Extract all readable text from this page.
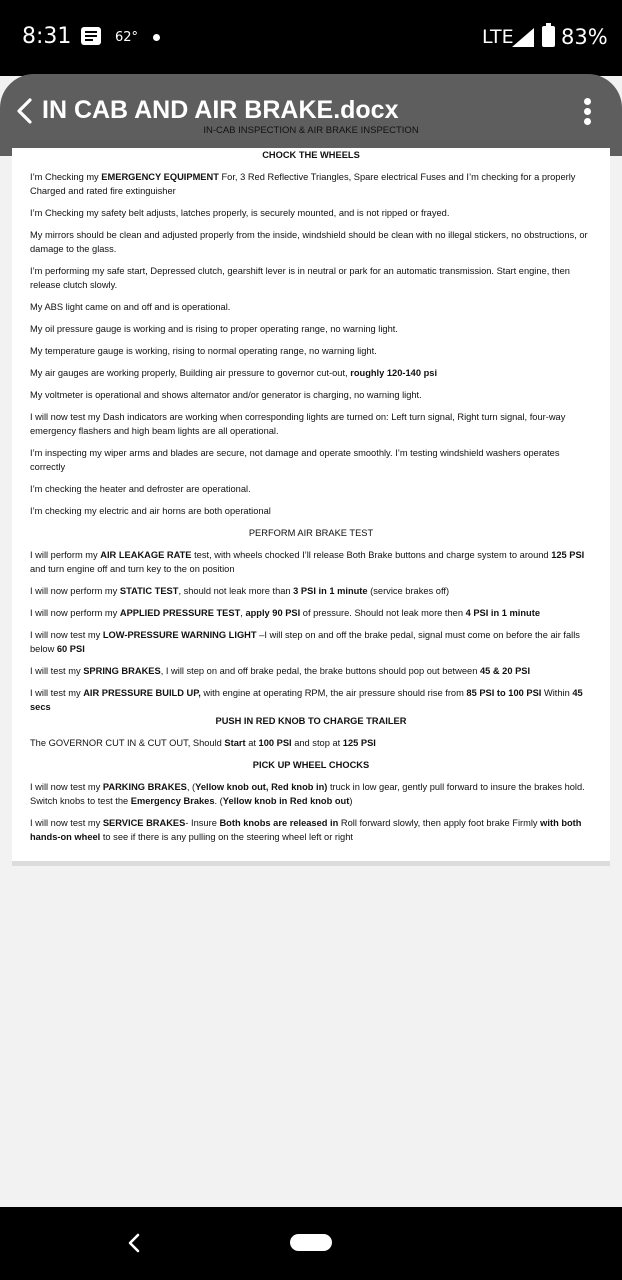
8:31	62°	LTE 83%
IN CAB AND AIR BRAKE.docx
IN-CAB INSPECTION & AIR BRAKE INSPECTION

CHOCK THE WHEELS

I’m Checking my EMERGENCY EQUIPMENT For, 3 Red Reflective Triangles, Spare electrical Fuses and I’m checking for a properly Charged and rated fire extinguisher

I’m Checking my safety belt adjusts, latches properly, is securely mounted, and is not ripped or frayed.

My mirrors should be clean and adjusted properly from the inside, windshield should be clean with no illegal stickers, no obstructions, or damage to the glass.

I’m performing my safe start, Depressed clutch, gearshift lever is in neutral or park for an automatic transmission. Start engine, then release clutch slowly.

My ABS light came on and off and is operational.

My oil pressure gauge is working and is rising to proper operating range, no warning light.

My temperature gauge is working, rising to normal operating range, no warning light.

My air gauges are working properly, Building air pressure to governor cut-out, roughly 120-140 psi

My voltmeter is operational and shows alternator and/or generator is charging, no warning light.

I will now test my Dash indicators are working when corresponding lights are turned on: Left turn signal, Right turn signal, four-way emergency flashers and high beam lights are all operational.

I’m inspecting my wiper arms and blades are secure, not damage and operate smoothly. I’m testing windshield washers operates correctly

I’m checking the heater and defroster are operational.

I’m checking my electric and air horns are both operational

PERFORM AIR BRAKE TEST

I will perform my AIR LEAKAGE RATE test, with wheels chocked I’ll release Both Brake buttons and charge system to around 125 PSI and turn engine off and turn key to the on position

I will now perform my STATIC TEST, should not leak more than 3 PSI in 1 minute (service brakes off)

I will now perform my APPLIED PRESSURE TEST, apply 90 PSI of pressure. Should not leak more then 4 PSI in 1 minute

I will now test my LOW-PRESSURE WARNING LIGHT –I will step on and off the brake pedal, signal must come on before the air falls below 60 PSI

I will test my SPRING BRAKES, I will step on and off brake pedal, the brake buttons should pop out between 45 & 20 PSI

I will test my AIR PRESSURE BUILD UP, with engine at operating RPM, the air pressure should rise from 85 PSI to 100 PSI Within 45 secs

PUSH IN RED KNOB TO CHARGE TRAILER

The GOVERNOR CUT IN & CUT OUT, Should Start at 100 PSI and stop at 125 PSI

PICK UP WHEEL CHOCKS

I will now test my PARKING BRAKES, (Yellow knob out, Red knob in) truck in low gear, gently pull forward to insure the brakes hold. Switch knobs to test the Emergency Brakes. (Yellow knob in Red knob out)

I will now test my SERVICE BRAKES- Insure Both knobs are released in Roll forward slowly, then apply foot brake Firmly with both hands-on wheel to see if there is any pulling on the steering wheel left or right
